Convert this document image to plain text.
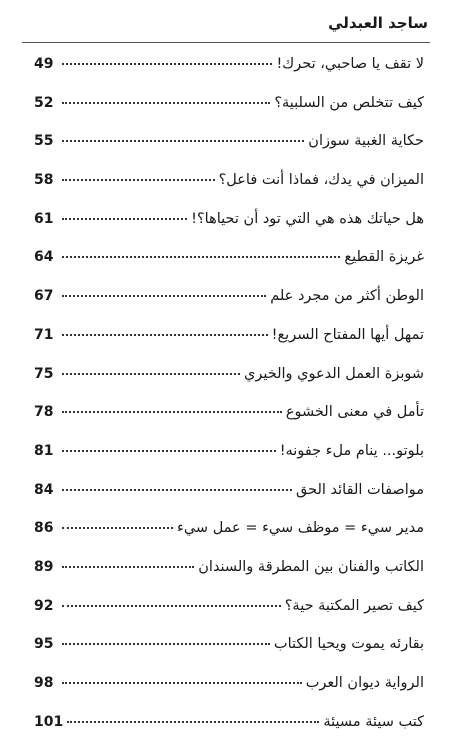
ساجد العبدلي
لا تقف يا صاحبي، تحرك!
49
كيف تتخلص من السلبية؟
52
حكاية الغبية سوزان
55
الميزان في يدك، فماذا أنت فاعل؟
58
هل حياتك هذه هي التي تود أن تحياها؟!
61
غريزة القطيع
64
الوطن أكثر من مجرد علم
67
تمهل أيها المفتاح السريع!
71
شوبزة العمل الدعوي والخيري
75
تأمل في معنى الخشوع
78
بلوتو... ينام ملء جفونه!
81
مواصفات القائد الحق
84
مدير سيء = موظف سيء = عمل سيء
86
الكاتب والفنان بين المطرقة والسندان
89
كيف تصير المكتبة حية؟
92
بقارئه يموت ويحيا الكتاب
95
الرواية ديوان العرب
98
كتب سيئة مسيئة
101
